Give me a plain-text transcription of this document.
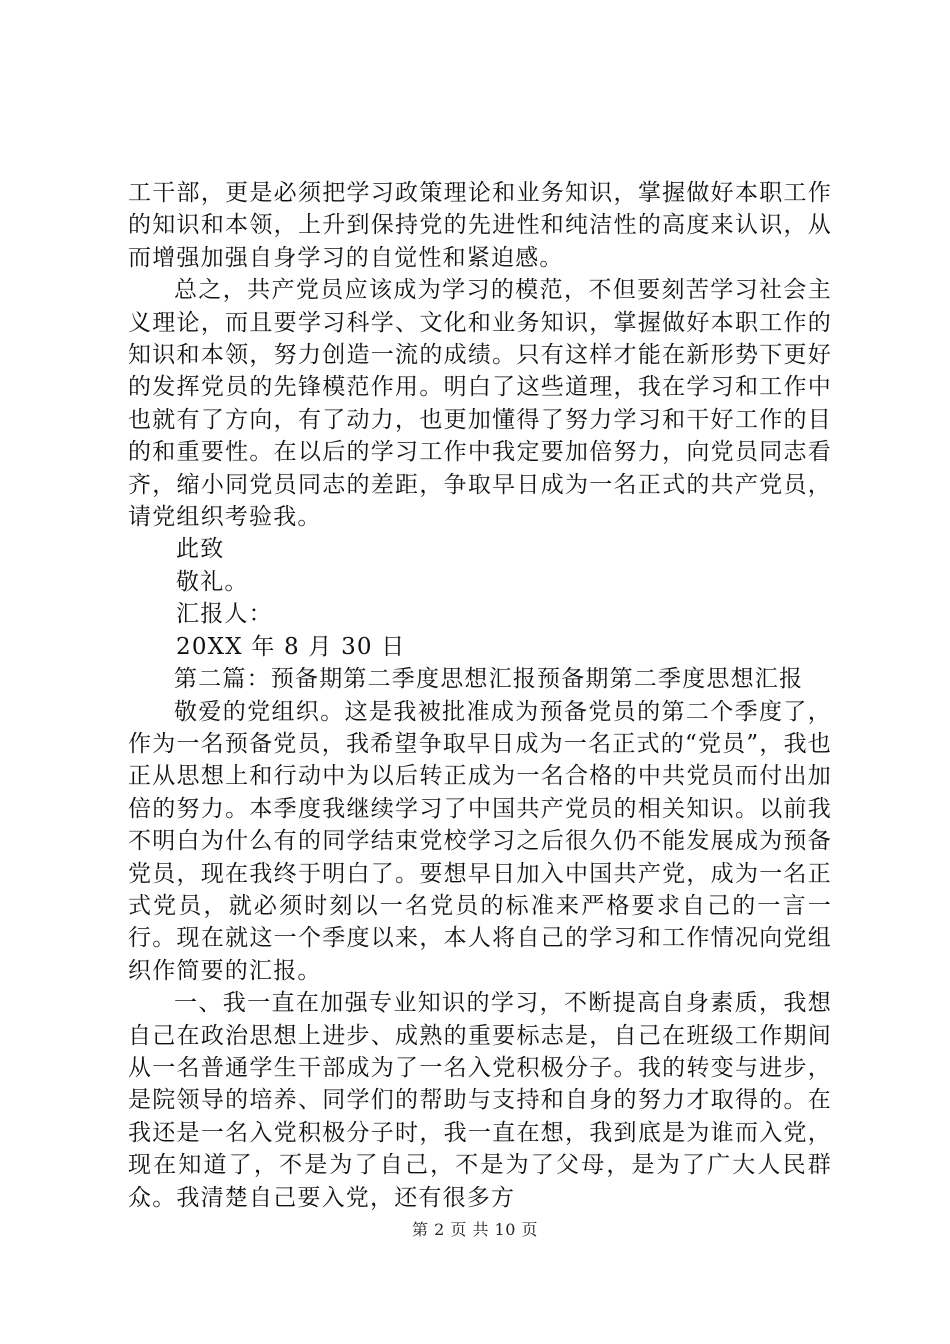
工干部，更是必须把学习政策理论和业务知识，掌握做好本职工作的知识和本领，上升到保持党的先进性和纯洁性的高度来认识，从而增强加强自身学习的自觉性和紧迫感。

总之，共产党员应该成为学习的模范，不但要刻苦学习社会主义理论，而且要学习科学、文化和业务知识，掌握做好本职工作的知识和本领，努力创造一流的成绩。只有这样才能在新形势下更好的发挥党员的先锋模范作用。明白了这些道理，我在学习和工作中也就有了方向，有了动力，也更加懂得了努力学习和干好工作的目的和重要性。在以后的学习工作中我定要加倍努力，向党员同志看齐，缩小同党员同志的差距，争取早日成为一名正式的共产党员，请党组织考验我。

此致

敬礼。

汇报人：

20XX 年 8 月 30 日

第二篇：预备期第二季度思想汇报预备期第二季度思想汇报

敬爱的党组织。这是我被批准成为预备党员的第二个季度了，作为一名预备党员，我希望争取早日成为一名正式的“党员”，我也正从思想上和行动中为以后转正成为一名合格的中共党员而付出加倍的努力。本季度我继续学习了中国共产党员的相关知识。以前我不明白为什么有的同学结束党校学习之后很久仍不能发展成为预备党员，现在我终于明白了。要想早日加入中国共产党，成为一名正式党员，就必须时刻以一名党员的标准来严格要求自己的一言一行。现在就这一个季度以来，本人将自己的学习和工作情况向党组织作简要的汇报。

一、我一直在加强专业知识的学习，不断提高自身素质，我想自己在政治思想上进步、成熟的重要标志是，自己在班级工作期间从一名普通学生干部成为了一名入党积极分子。我的转变与进步，是院领导的培养、同学们的帮助与支持和自身的努力才取得的。在我还是一名入党积极分子时，我一直在想，我到底是为谁而入党，现在知道了，不是为了自己，不是为了父母，是为了广大人民群众。我清楚自己要入党，还有很多方

第 2 页 共 10 页
